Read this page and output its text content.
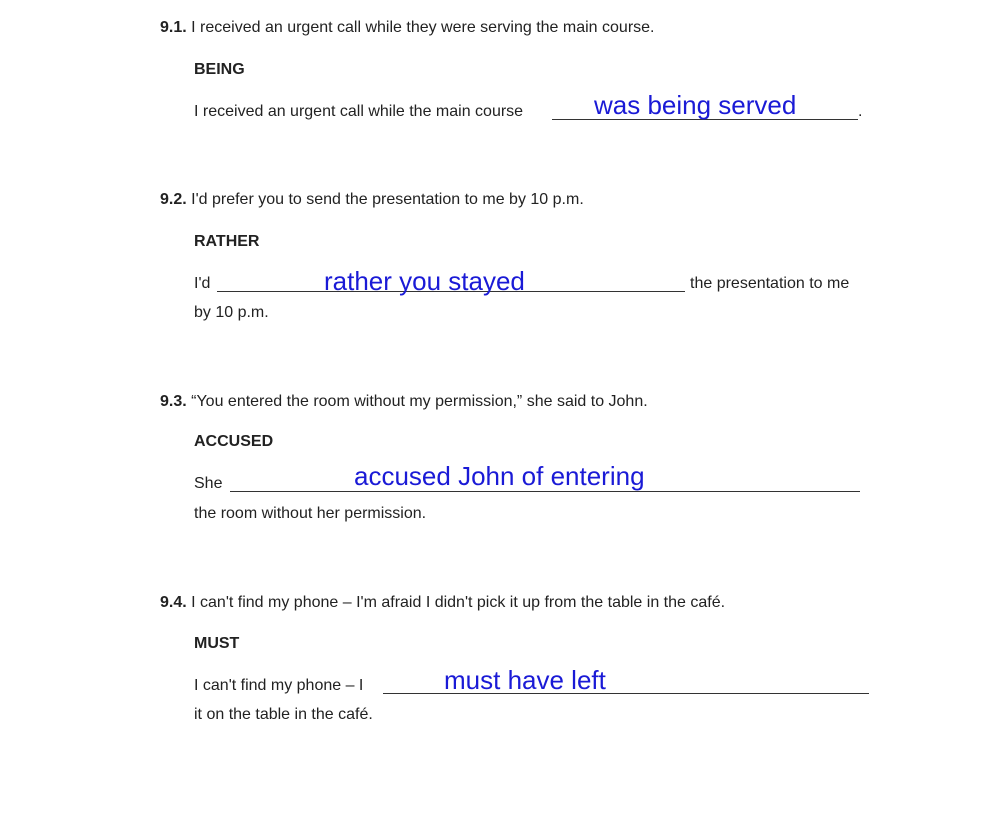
9.1. I received an urgent call while they were serving the main course.
BEING
I received an urgent call while the main course	.
was being served
9.2. I'd prefer you to send the presentation to me by 10 p.m.
RATHER
I'd	the presentation to me
rather you stayed
by 10 p.m.
9.3. “You entered the room without my permission,” she said to John.
ACCUSED
She	accused John of entering
the room without her permission.
9.4. I can't find my phone – I'm afraid I didn't pick it up from the table in the café.
MUST
I can't find my phone – I	must have left
it on the table in the café.
